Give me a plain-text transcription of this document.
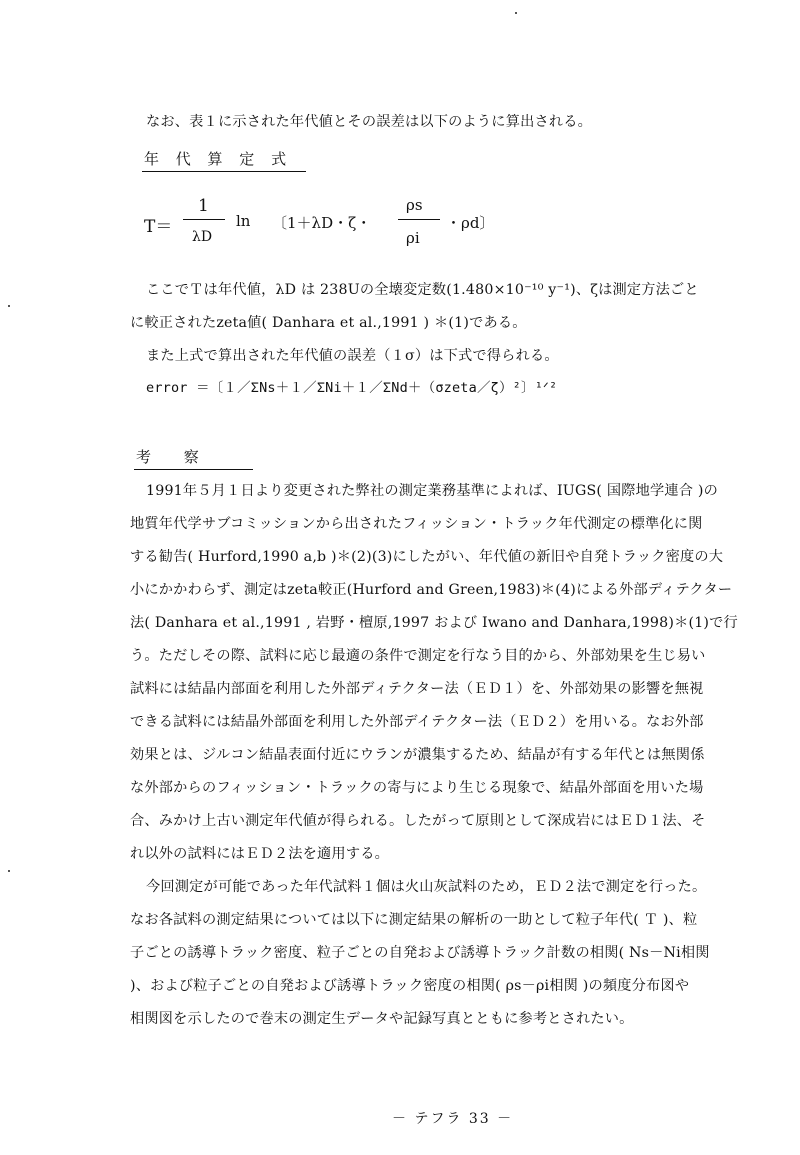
なお、表１に示された年代値とその誤差は以下のように算出される。
年 代 算 定 式
T＝
1
λD
ln 〔1＋λD・ζ・
ρs
ρi
・ρd〕
ここでＴは年代値，λD は 238Uの全壊変定数(1.480×10⁻¹⁰ y⁻¹)、ζは測定方法ごと
に較正されたzeta値( Danhara et al.,1991 ) ＊(1)である。
また上式で算出された年代値の誤差（１σ）は下式で得られる。
error ＝〔１／ΣNs＋１／ΣNi＋１／ΣNd＋（σzeta／ζ）²〕¹ᐟ²
考 察
1991年５月１日より変更された弊社の測定業務基準によれば、IUGS( 国際地学連合 )の
地質年代学サブコミッションから出されたフィッション・トラック年代測定の標準化に関
する勧告( Hurford,1990 a,b )＊(2)(3)にしたがい、年代値の新旧や自発トラック密度の大
小にかかわらず、測定はzeta較正(Hurford and Green,1983)＊(4)による外部ディテクター
法( Danhara et al.,1991 , 岩野・檀原,1997 および Iwano and Danhara,1998)＊(1)で行
う。ただしその際、試料に応じ最適の条件で測定を行なう目的から、外部効果を生じ易い
試料には結晶内部面を利用した外部ディテクター法（ＥＤ１）を、外部効果の影響を無視
できる試料には結晶外部面を利用した外部デイテクター法（ＥＤ２）を用いる。なお外部
効果とは、ジルコン結晶表面付近にウランが濃集するため、結晶が有する年代とは無関係
な外部からのフィッション・トラックの寄与により生じる現象で、結晶外部面を用いた場
合、みかけ上古い測定年代値が得られる。したがって原則として深成岩にはＥＤ１法、そ
れ以外の試料にはＥＤ２法を適用する。
今回測定が可能であった年代試料１個は火山灰試料のため，ＥＤ２法で測定を行った。
なお各試料の測定結果については以下に測定結果の解析の一助として粒子年代( Ｔ )、粒
子ごとの誘導トラック密度、粒子ごとの自発および誘導トラック計数の相関( Ns－Ni相関
)、および粒子ごとの自発および誘導トラック密度の相関( ρs－ρi相関 )の頻度分布図や
相関図を示したので巻末の測定生データや記録写真とともに参考とされたい。
－ テフラ 33 －
